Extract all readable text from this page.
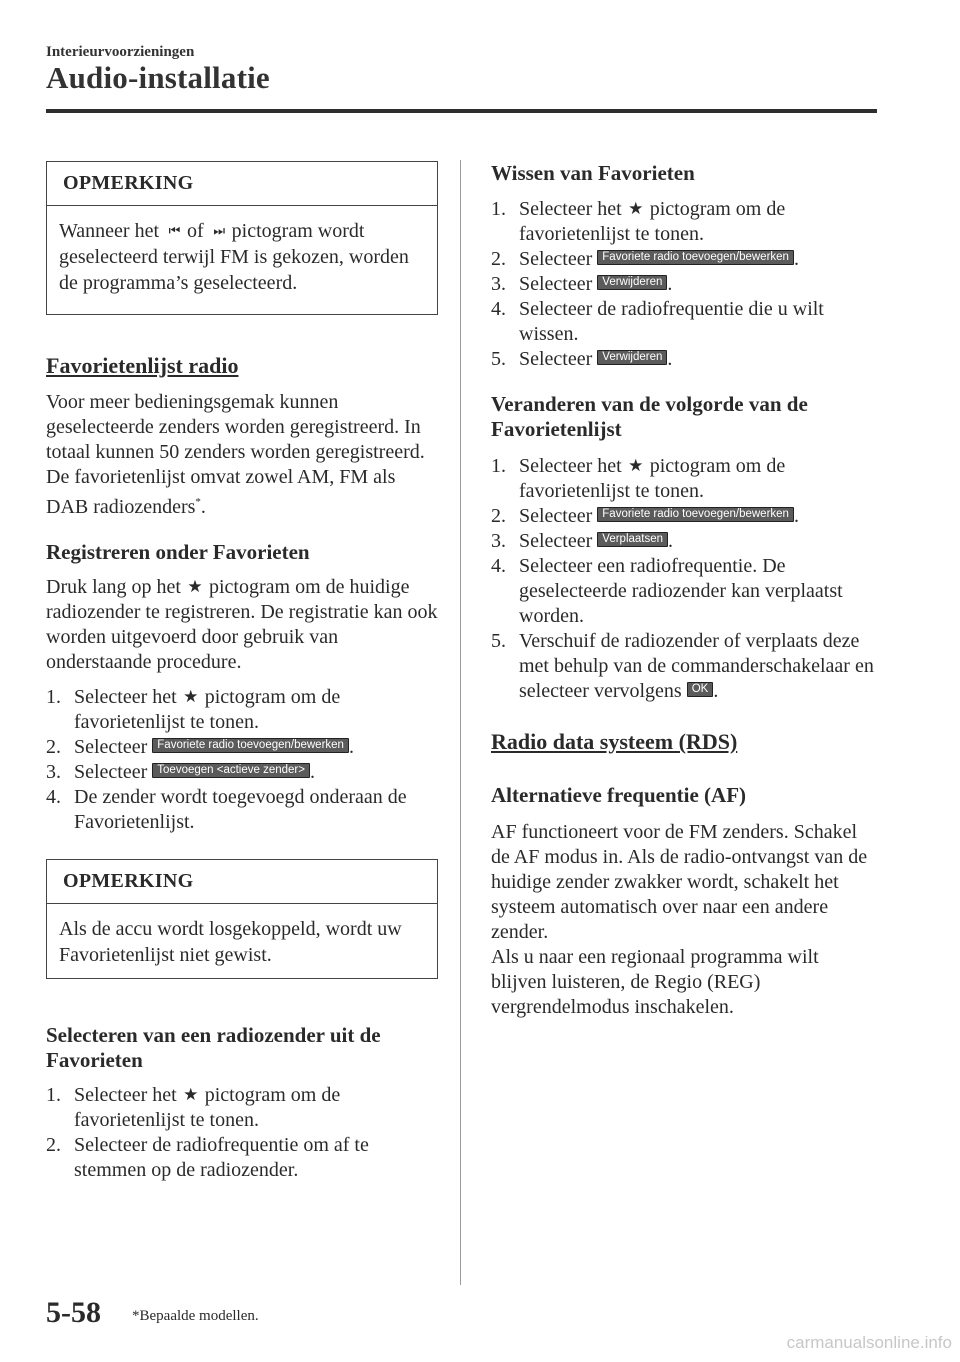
Interieurvoorzieningen
Audio-installatie
OPMERKING
Wanneer het ⏮ of ⏭ pictogram wordt geselecteerd terwijl FM is gekozen, worden de programma’s geselecteerd.
Favorietenlijst radio

Voor meer bedieningsgemak kunnen geselecteerde zenders worden geregistreerd. In totaal kunnen 50 zenders worden geregistreerd. De favorietenlijst omvat zowel AM, FM als DAB radiozenders*.

Registreren onder Favorieten

Druk lang op het ★ pictogram om de huidige radiozender te registreren. De registratie kan ook worden uitgevoerd door gebruik van onderstaande procedure.

1. Selecteer het ★ pictogram om de favorietenlijst te tonen.
2. Selecteer Favoriete radio toevoegen/bewerken .
3. Selecteer Toevoegen <actieve zender> .
4. De zender wordt toegevoegd onderaan de Favorietenlijst.
OPMERKING
Als de accu wordt losgekoppeld, wordt uw Favorietenlijst niet gewist.
Selecteren van een radiozender uit de Favorieten
1. Selecteer het ★ pictogram om de favorietenlijst te tonen.
2. Selecteer de radiofrequentie om af te stemmen op de radiozender.
Wissen van Favorieten
1. Selecteer het ★ pictogram om de favorietenlijst te tonen.
2. Selecteer Favoriete radio toevoegen/bewerken .
3. Selecteer Verwijderen .
4. Selecteer de radiofrequentie die u wilt wissen.
5. Selecteer Verwijderen .
Veranderen van de volgorde van de Favorietenlijst
1. Selecteer het ★ pictogram om de favorietenlijst te tonen.
2. Selecteer Favoriete radio toevoegen/bewerken .
3. Selecteer Verplaatsen .
4. Selecteer een radiofrequentie. De geselecteerde radiozender kan verplaatst worden.
5. Verschuif de radiozender of verplaats deze met behulp van de commanderschakelaar en selecteer vervolgens OK .
Radio data systeem (RDS)
Alternatieve frequentie (AF)

AF functioneert voor de FM zenders. Schakel de AF modus in. Als de radio-ontvangst van de huidige zender zwakker wordt, schakelt het systeem automatisch over naar een andere zender.

Als u naar een regionaal programma wilt blijven luisteren, de Regio (REG) vergrendelmodus inschakelen.

5-58 *Bepaalde modellen.
carmanualsonline.info
